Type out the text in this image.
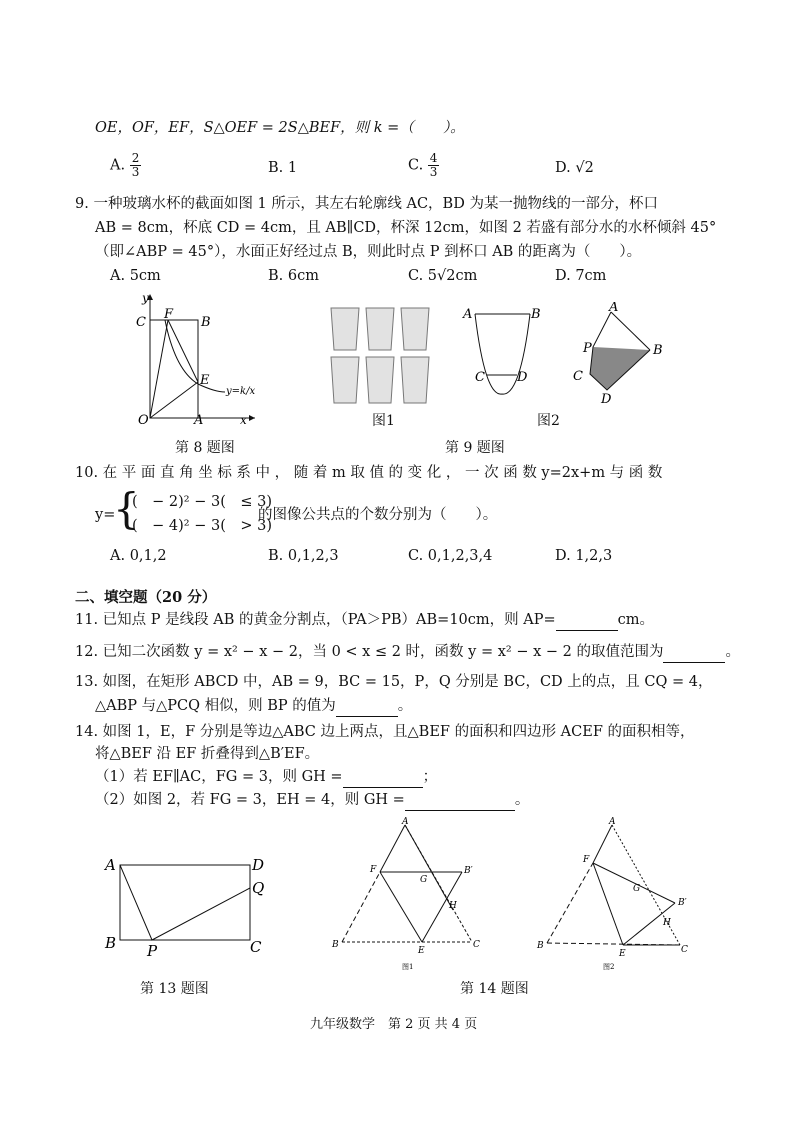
OE，OF，EF，S△OEF = 2S△BEF，则 k =（　　）。
A. $\frac{2}{3}$	B. 1	C. $\frac{4}{3}$	D. √2
9. 一种玻璃水杯的截面如图 1 所示，其左右轮廓线 AC，BD 为某一抛物线的一部分，杯口
AB = 8cm，杯底 CD = 4cm，且 AB∥CD，杯深 12cm，如图 2 若盛有部分水的水杯倾斜 45°
（即∠ABP = 45°），水面正好经过点 B，则此时点 P 到杯口 AB 的距离为（　　）。
A. 5cm	B. 6cm	C. 5√2cm	D. 7cm
C
F
B
E
O	A	x
y
y=k/x
第 8 题图
图1
A	B
C D
A
P	B
C
D
图2
第 9 题图
10. 在 平 面 直 角 坐 标 系 中 ， 随 着 m 取 值 的 变 化 ， 一 次 函 数 y=2x+m 与 函 数
y=
{
(　− 2)² − 3(　≤ 3)
(　− 4)² − 3(　> 3)
的图像公共点的个数分别为（　　）。
A. 0,1,2	B. 0,1,2,3	C. 0,1,2,3,4	D. 1,2,3
二、填空题（20 分）
11. 已知点 P 是线段 AB 的黄金分割点，（PA＞PB）AB=10cm，则 AP=	cm。
12. 已知二次函数 y = x² − x − 2，当 0 < x ≤ 2 时，函数 y = x² − x − 2 的取值范围为	。
13. 如图，在矩形 ABCD 中，AB = 9，BC = 15，P，Q 分别是 BC，CD 上的点，且 CQ = 4，
△ABP 与△PCQ 相似，则 BP 的值为	。
14. 如图 1，E，F 分别是等边△ABC 边上两点，且△BEF 的面积和四边形 ACEF 的面积相等，
将△BEF 沿 EF 折叠得到△B′EF。
（1）若 EF∥AC，FG = 3，则 GH =	；
（2）如图 2，若 FG = 3，EH = 4，则 GH =	。
A	D
Q
B P	C
第 13 题图
A
F
G
B′
H
B
E
C
图1
A
F
G
B′
H
B
E	C
图2
第 14 题图
九年级数学　第 2 页 共 4 页
